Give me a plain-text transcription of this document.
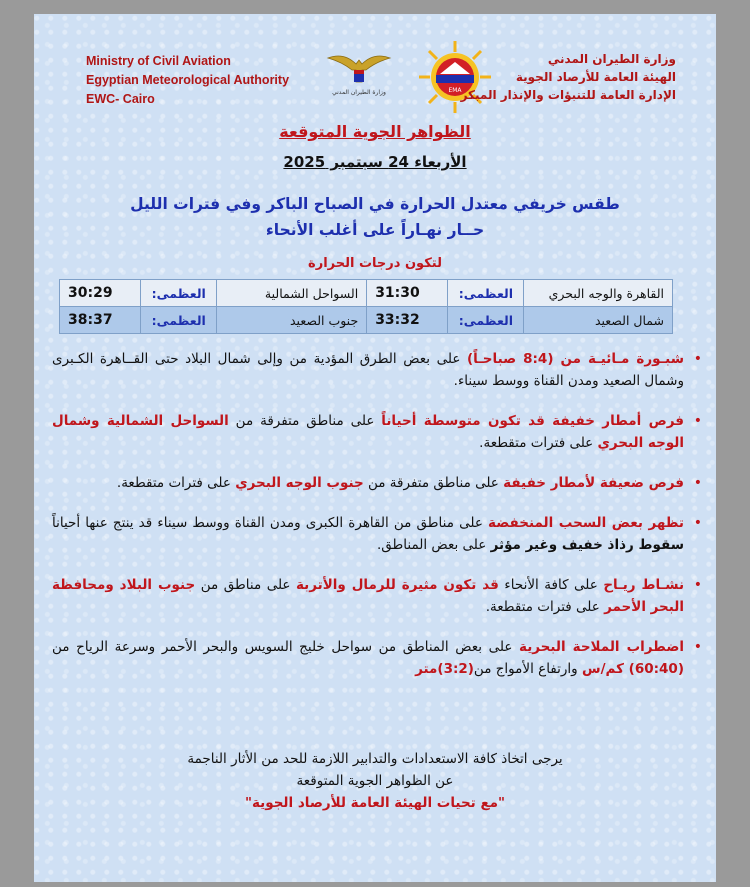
Ministry of Civil Aviation
Egyptian Meteorological Authority
EWC- Cairo	وزارة الطيران المدني	EMA
وزارة الطيران المدني
الهيئة العامة للأرصاد الجوية
الإدارة العامة للتنبؤات والإنذار المبكر
الظواهر الجوية المتوقعة
الأربعاء 24 سبتمبر 2025
طقس خريفي معتدل الحرارة في الصباح الباكر وفي فترات الليل
حــار نهـاراً على أغلب الأنحاء
لتكون درجات الحرارة
القاهرة والوجه البحري	العظمى:	31:30	السواحل الشمالية	العظمى:	30:29
شمال الصعيد	العظمى:	33:32	جنوب الصعيد	العظمى:	38:37
•
شبـورة مـائيـة من (8:4 صباحـاً) على بعض الطرق المؤدية من وإلى شمال البلاد حتى القــاهرة الكـبرى وشمال الصعيد ومدن القناة ووسط سيناء.
•
فرص أمطار خفيفة قد تكون متوسطة أحياناً على مناطق متفرقة من السواحل الشمالية وشمال الوجه البحري على فترات متقطعة.
•
فرص ضعيفة لأمطار خفيفة على مناطق متفرقة من جنوب الوجه البحري على فترات متقطعة.
•
تظهر بعض السحب المنخفضة على مناطق من القاهرة الكبرى ومدن القناة ووسط سيناء قد ينتج عنها أحياناً سقوط رذاذ خفيف وغير مؤثر على بعض المناطق.
•
نشـاط ريـاح على كافة الأنحاء قد تكون مثيرة للرمال والأتربة على مناطق من جنوب البلاد ومحافظة البحر الأحمر على فترات متقطعة.
•
اضطراب الملاحة البحرية على بعض المناطق من سواحل خليج السويس والبحر الأحمر وسرعة الرياح من (60:40) كم/س وارتفاع الأمواج من(3:2)متر
يرجى اتخاذ كافة الاستعدادات والتدابير اللازمة للحد من الأثار الناجمة
عن الظواهر الجوية المتوقعة
"مع تحيات الهيئة العامة للأرصاد الجوية"
